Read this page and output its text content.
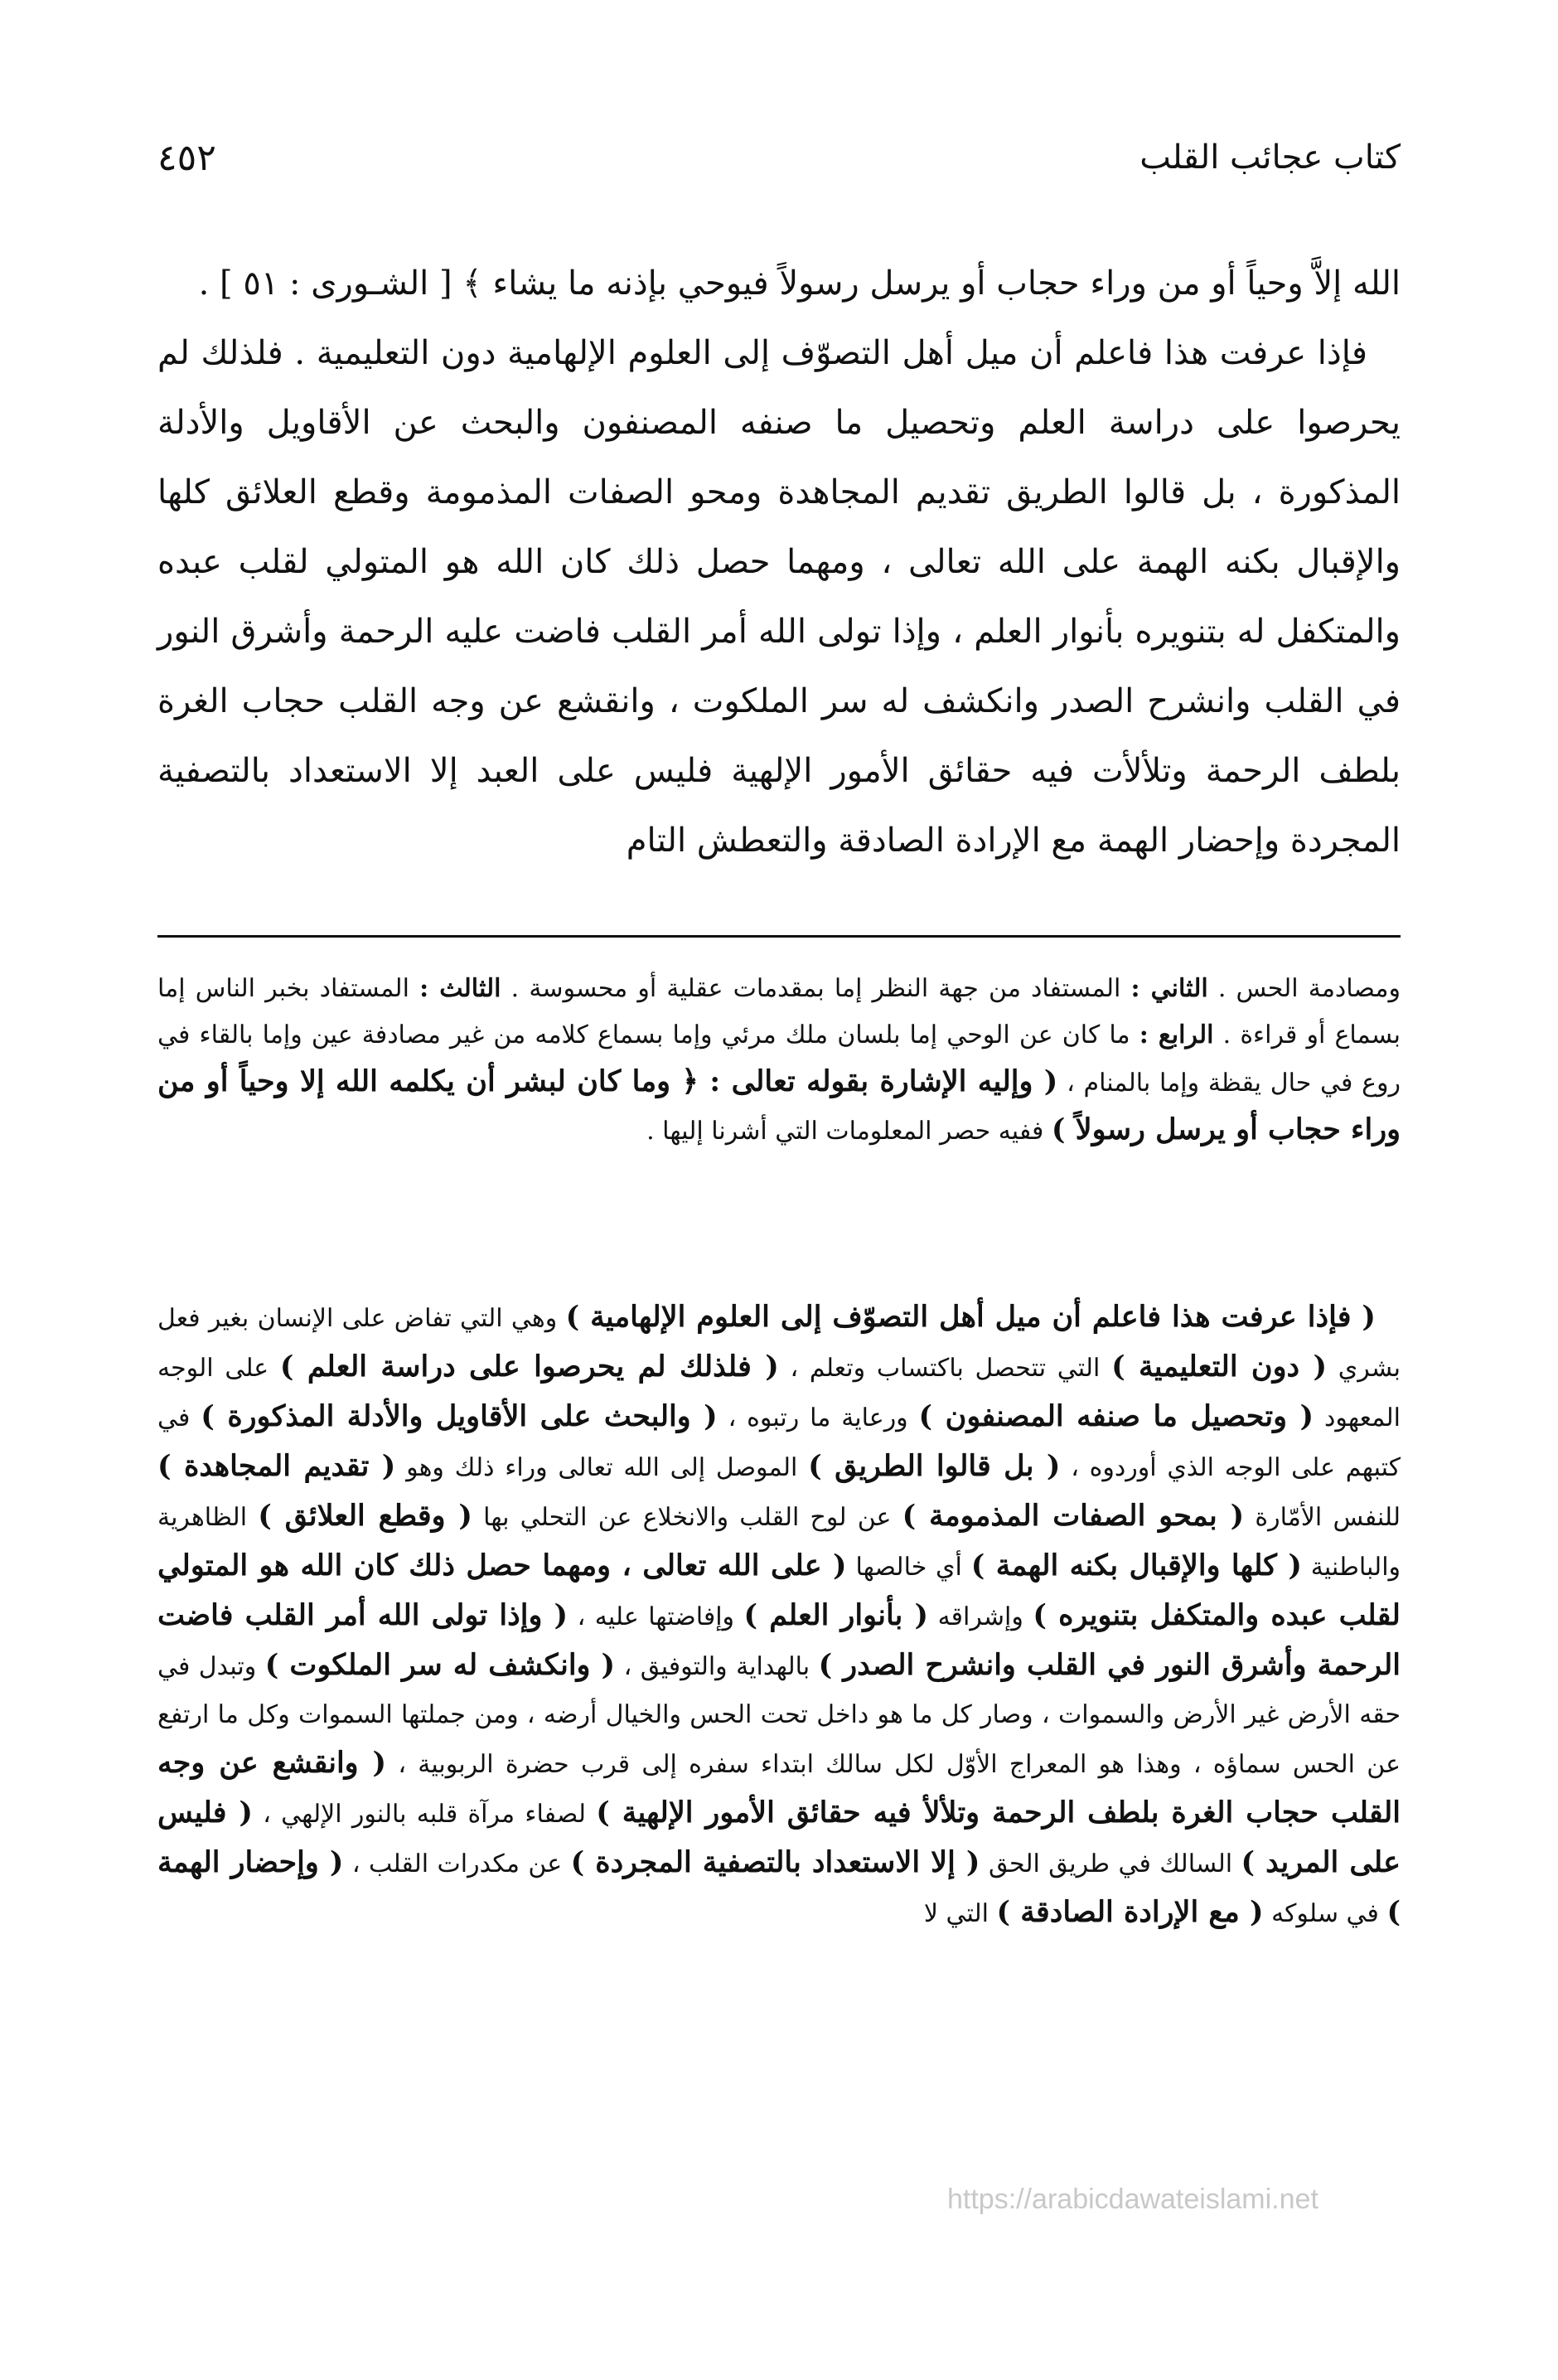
كتاب عجائب القلب
٤٥٢

الله إلاَّ وحياً أو من وراء حجاب أو يرسل رسولاً فيوحي بإذنه ما يشاء ﴾ [ الشـورى : ٥١ ] .

فإذا عرفت هذا فاعلم أن ميل أهل التصوّف إلى العلوم الإلهامية دون التعليمية . فلذلك لم يحرصوا على دراسة العلم وتحصيل ما صنفه المصنفون والبحث عن الأقاويل والأدلة المذكورة ، بل قالوا الطريق تقديم المجاهدة ومحو الصفات المذمومة وقطع العلائق كلها والإقبال بكنه الهمة على الله تعالى ، ومهما حصل ذلك كان الله هو المتولي لقلب عبده والمتكفل له بتنويره بأنوار العلم ، وإذا تولى الله أمر القلب فاضت عليه الرحمة وأشرق النور في القلب وانشرح الصدر وانكشف له سر الملكوت ، وانقشع عن وجه القلب حجاب الغرة بلطف الرحمة وتلألأت فيه حقائق الأمور الإلهية فليس على العبد إلا الاستعداد بالتصفية المجردة وإحضار الهمة مع الإرادة الصادقة والتعطش التام

ومصادمة الحس . الثاني : المستفاد من جهة النظر إما بمقدمات عقلية أو محسوسة . الثالث : المستفاد بخبر الناس إما بسماع أو قراءة . الرابع : ما كان عن الوحي إما بلسان ملك مرئي وإما بسماع كلامه من غير مصادفة عين وإما بالقاء في روع في حال يقظة وإما بالمنام ، ( وإليه الإشارة بقوله تعالى : ﴿ وما كان لبشر أن يكلمه الله إلا وحياً أو من وراء حجاب أو يرسل رسولاً ) ففيه حصر المعلومات التي أشرنا إليها .

( فإذا عرفت هذا فاعلم أن ميل أهل التصوّف إلى العلوم الإلهامية ) وهي التي تفاض على الإنسان بغير فعل بشري ( دون التعليمية ) التي تتحصل باكتساب وتعلم ، ( فلذلك لم يحرصوا على دراسة العلم ) على الوجه المعهود ( وتحصيل ما صنفه المصنفون ) ورعاية ما رتبوه ، ( والبحث على الأقاويل والأدلة المذكورة ) في كتبهم على الوجه الذي أوردوه ، ( بل قالوا الطريق ) الموصل إلى الله تعالى وراء ذلك وهو ( تقديم المجاهدة ) للنفس الأمّارة ( بمحو الصفات المذمومة ) عن لوح القلب والانخلاع عن التحلي بها ( وقطع العلائق ) الظاهرية والباطنية ( كلها والإقبال بكنه الهمة ) أي خالصها ( على الله تعالى ، ومهما حصل ذلك كان الله هو المتولي لقلب عبده والمتكفل بتنويره ) وإشراقه ( بأنوار العلم ) وإفاضتها عليه ، ( وإذا تولى الله أمر القلب فاضت الرحمة وأشرق النور في القلب وانشرح الصدر ) بالهداية والتوفيق ، ( وانكشف له سر الملكوت ) وتبدل في حقه الأرض غير الأرض والسموات ، وصار كل ما هو داخل تحت الحس والخيال أرضه ، ومن جملتها السموات وكل ما ارتفع عن الحس سماؤه ، وهذا هو المعراج الأوّل لكل سالك ابتداء سفره إلى قرب حضرة الربوبية ، ( وانقشع عن وجه القلب حجاب الغرة بلطف الرحمة وتلألأ فيه حقائق الأمور الإلهية ) لصفاء مرآة قلبه بالنور الإلهي ، ( فليس على المريد ) السالك في طريق الحق ( إلا الاستعداد بالتصفية المجردة ) عن مكدرات القلب ، ( وإحضار الهمة ) في سلوكه ( مع الإرادة الصادقة ) التي لا

https://arabicdawateislami.net
